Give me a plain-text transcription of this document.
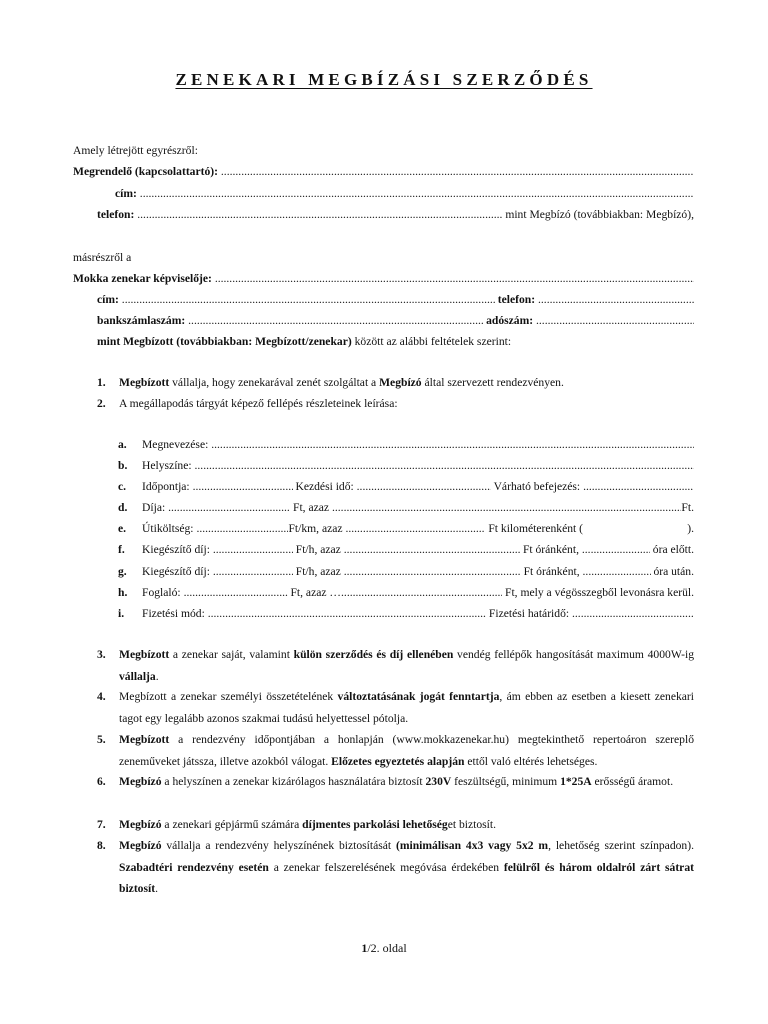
ZENEKARI MEGBÍZÁSI SZERZŐDÉS
Amely létrejött egyrészről:
Megrendelő (kapcsolattartó):

.....
cím:

.....
telefon:
.....
	mint Megbízó (továbbiakban: Megbízó),
másrészről a
Mokka zenekar képviselője:

.....
cím:
.....
	telefon:

.....
bankszámlaszám:
.....
	adószám:

.....
mint Megbízott (továbbiakban: Megbízott/zenekar) között az alábbi feltételek szerint:
1. Megbízott vállalja, hogy zenekarával zenét szolgáltat a Megbízó által szervezett rendezvényen.
2. A megállapodás tárgyát képező fellépés részleteinek leírása:
a. Megnevezése:

.....
b. Helyszíne:

.....
c. Időpontja:
.....
	Kezdési idő:
.....
	Várható befejezés:

.....
d. Díja:
.....
	Ft, azaz
.....	Ft.
e. Útiköltség:
.....	Ft/km, azaz
.....
	Ft kilométerenként (	).
f. Kiegészítő díj:
.....
	Ft/h, azaz
.....
	Ft óránként,
.....
	óra előtt.
g. Kiegészítő díj:
.....
	Ft/h, azaz
.....
	Ft óránként,
.....
	óra után.
h. Foglaló:
.....
	Ft, azaz … .....
	Ft, mely a végösszegből levonásra kerül.
i. Fizetési mód:
.....
	Fizetési határidő:

.....
3. Megbízott a zenekar saját, valamint külön szerződés és díj ellenében vendég fellépők hangosítását maximum 4000W-ig vállalja.
4. Megbízott a zenekar személyi összetételének változtatásának jogát fenntartja, ám ebben az esetben a kiesett zenekari tagot egy legalább azonos szakmai tudású helyettessel pótolja.
5. Megbízott a rendezvény időpontjában a honlapján (www.mokkazenekar.hu) megtekinthető repertoáron szereplő zeneműveket játssza, illetve azokból válogat. Előzetes egyeztetés alapján ettől való eltérés lehetséges.
6. Megbízó a helyszínen a zenekar kizárólagos használatára biztosít 230V feszültségű, minimum 1*25A erősségű áramot.
7. Megbízó a zenekari gépjármű számára díjmentes parkolási lehetőséget biztosít.
8. Megbízó vállalja a rendezvény helyszínének biztosítását (minimálisan 4x3 vagy 5x2 m, lehetőség szerint színpadon). Szabadtéri rendezvény esetén a zenekar felszerelésének megóvása érdekében felülről és három oldalról zárt sátrat biztosít.
1/2. oldal
